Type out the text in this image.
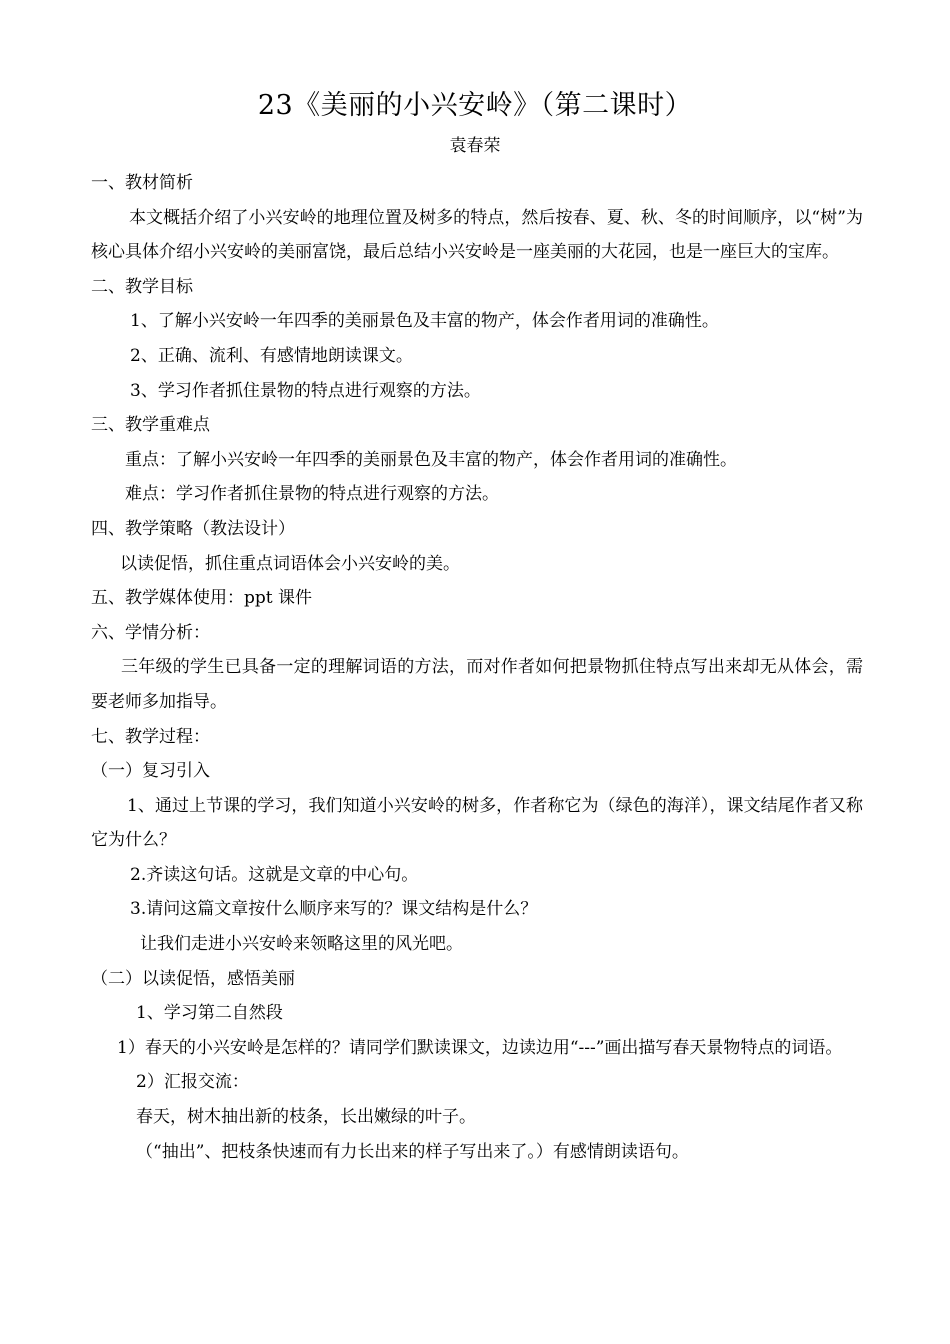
23《美丽的小兴安岭》（第二课时）
袁春荣
一、教材简析
本文概括介绍了小兴安岭的地理位置及树多的特点，然后按春、夏、秋、冬的时间顺序，以“树”为核心具体介绍小兴安岭的美丽富饶，最后总结小兴安岭是一座美丽的大花园，也是一座巨大的宝库。
二、教学目标
1、了解小兴安岭一年四季的美丽景色及丰富的物产，体会作者用词的准确性。
2、正确、流利、有感情地朗读课文。
3、学习作者抓住景物的特点进行观察的方法。
三、教学重难点
重点：了解小兴安岭一年四季的美丽景色及丰富的物产，体会作者用词的准确性。
难点：学习作者抓住景物的特点进行观察的方法。
四、教学策略（教法设计）
以读促悟，抓住重点词语体会小兴安岭的美。
五、教学媒体使用：ppt 课件
六、学情分析：
三年级的学生已具备一定的理解词语的方法，而对作者如何把景物抓住特点写出来却无从体会，需要老师多加指导。
七、教学过程：
（一）复习引入
1、通过上节课的学习，我们知道小兴安岭的树多，作者称它为（绿色的海洋），课文结尾作者又称它为什么？
2.齐读这句话。这就是文章的中心句。
3.请问这篇文章按什么顺序来写的？课文结构是什么？
让我们走进小兴安岭来领略这里的风光吧。
（二）以读促悟，感悟美丽
1、学习第二自然段
1）春天的小兴安岭是怎样的？请同学们默读课文，边读边用“---”画出描写春天景物特点的词语。
2）汇报交流：
春天，树木抽出新的枝条，长出嫩绿的叶子。
（“抽出”、把枝条快速而有力长出来的样子写出来了。）有感情朗读语句。
